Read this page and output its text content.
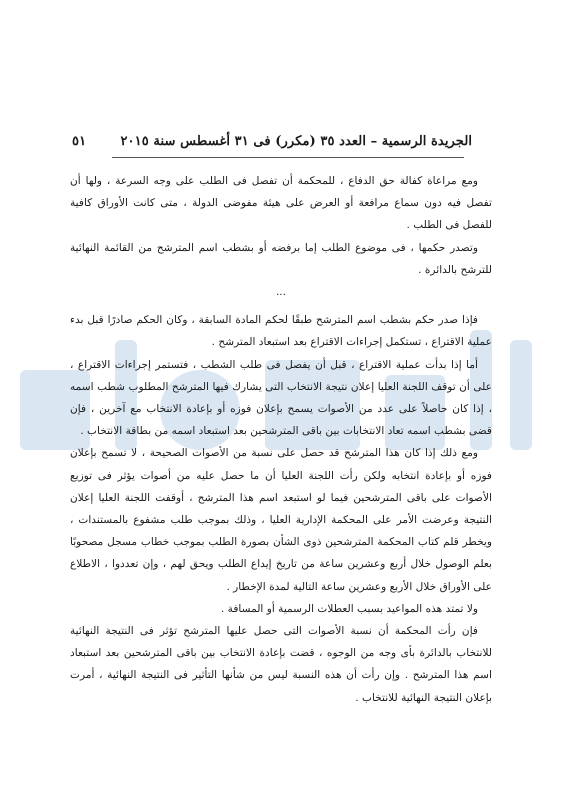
الجريدة الرسمية – العدد ٣٥ (مكرر) فى ٣١ أغسطس سنة ٢٠١٥
٥١

ومع مراعاة كفالة حق الدفاع ، للمحكمة أن تفصل فى الطلب على وجه السرعة ، ولها أن تفصل فيه دون سماع مرافعة أو العرض على هيئة مفوضى الدولة ، متى كانت الأوراق كافية للفصل فى الطلب .

وتصدر حكمها ، فى موضوع الطلب إما برفضه أو بشطب اسم المترشح من القائمة النهائية للترشح بالدائرة .

...

فإذا صدر حكم بشطب اسم المترشح طبقًا لحكم المادة السابقة ، وكان الحكم صادرًا قبل بدء عملية الاقتراع ، تستكمل إجراءات الاقتراع بعد استبعاد المترشح .

أما إذا بدأت عملية الاقتراع ، قبل أن يفصل فى طلب الشطب ، فتستمر إجراءات الاقتراع ، على أن توقف اللجنة العليا إعلان نتيجة الانتخاب التى يشارك فيها المترشح المطلوب شطب اسمه ، إذا كان حاصلاً على عدد من الأصوات يسمح بإعلان فوزه أو بإعادة الانتخاب مع آخرين ، فإن قضى بشطب اسمه تعاد الانتخابات بين باقى المترشحين بعد استبعاد اسمه من بطاقة الانتخاب .

ومع ذلك إذا كان هذا المترشح قد حصل على نسبة من الأصوات الصحيحة ، لا تسمح بإعلان فوزه أو بإعادة انتخابه ولكن رأت اللجنة العليا أن ما حصل عليه من أصوات يؤثر فى توزيع الأصوات على باقى المترشحين فيما لو استبعد اسم هذا المترشح ، أوقفت اللجنة العليا إعلان النتيجة وعرضت الأمر على المحكمة الإدارية العليا ، وذلك بموجب طلب مشفوع بالمستندات ، ويخطر قلم كتاب المحكمة المترشحين ذوى الشأن بصورة الطلب بموجب خطاب مسجل مصحوبًا بعلم الوصول خلال أربع وعشرين ساعة من تاريخ إيداع الطلب ويحق لهم ، وإن تعددوا ، الاطلاع على الأوراق خلال الأربع وعشرين ساعة التالية لمدة الإخطار .

ولا تمتد هذه المواعيد بسبب العطلات الرسمية أو المسافة .

فإن رأت المحكمة أن نسبة الأصوات التى حصل عليها المترشح تؤثر فى النتيجة النهائية للانتخاب بالدائرة بأى وجه من الوجوه ، قضت بإعادة الانتخاب بين باقى المترشحين بعد استبعاد اسم هذا المترشح . وإن رأت أن هذه النسبة ليس من شأنها التأثير فى النتيجة النهائية ، أمرت بإعلان النتيجة النهائية للانتخاب .
